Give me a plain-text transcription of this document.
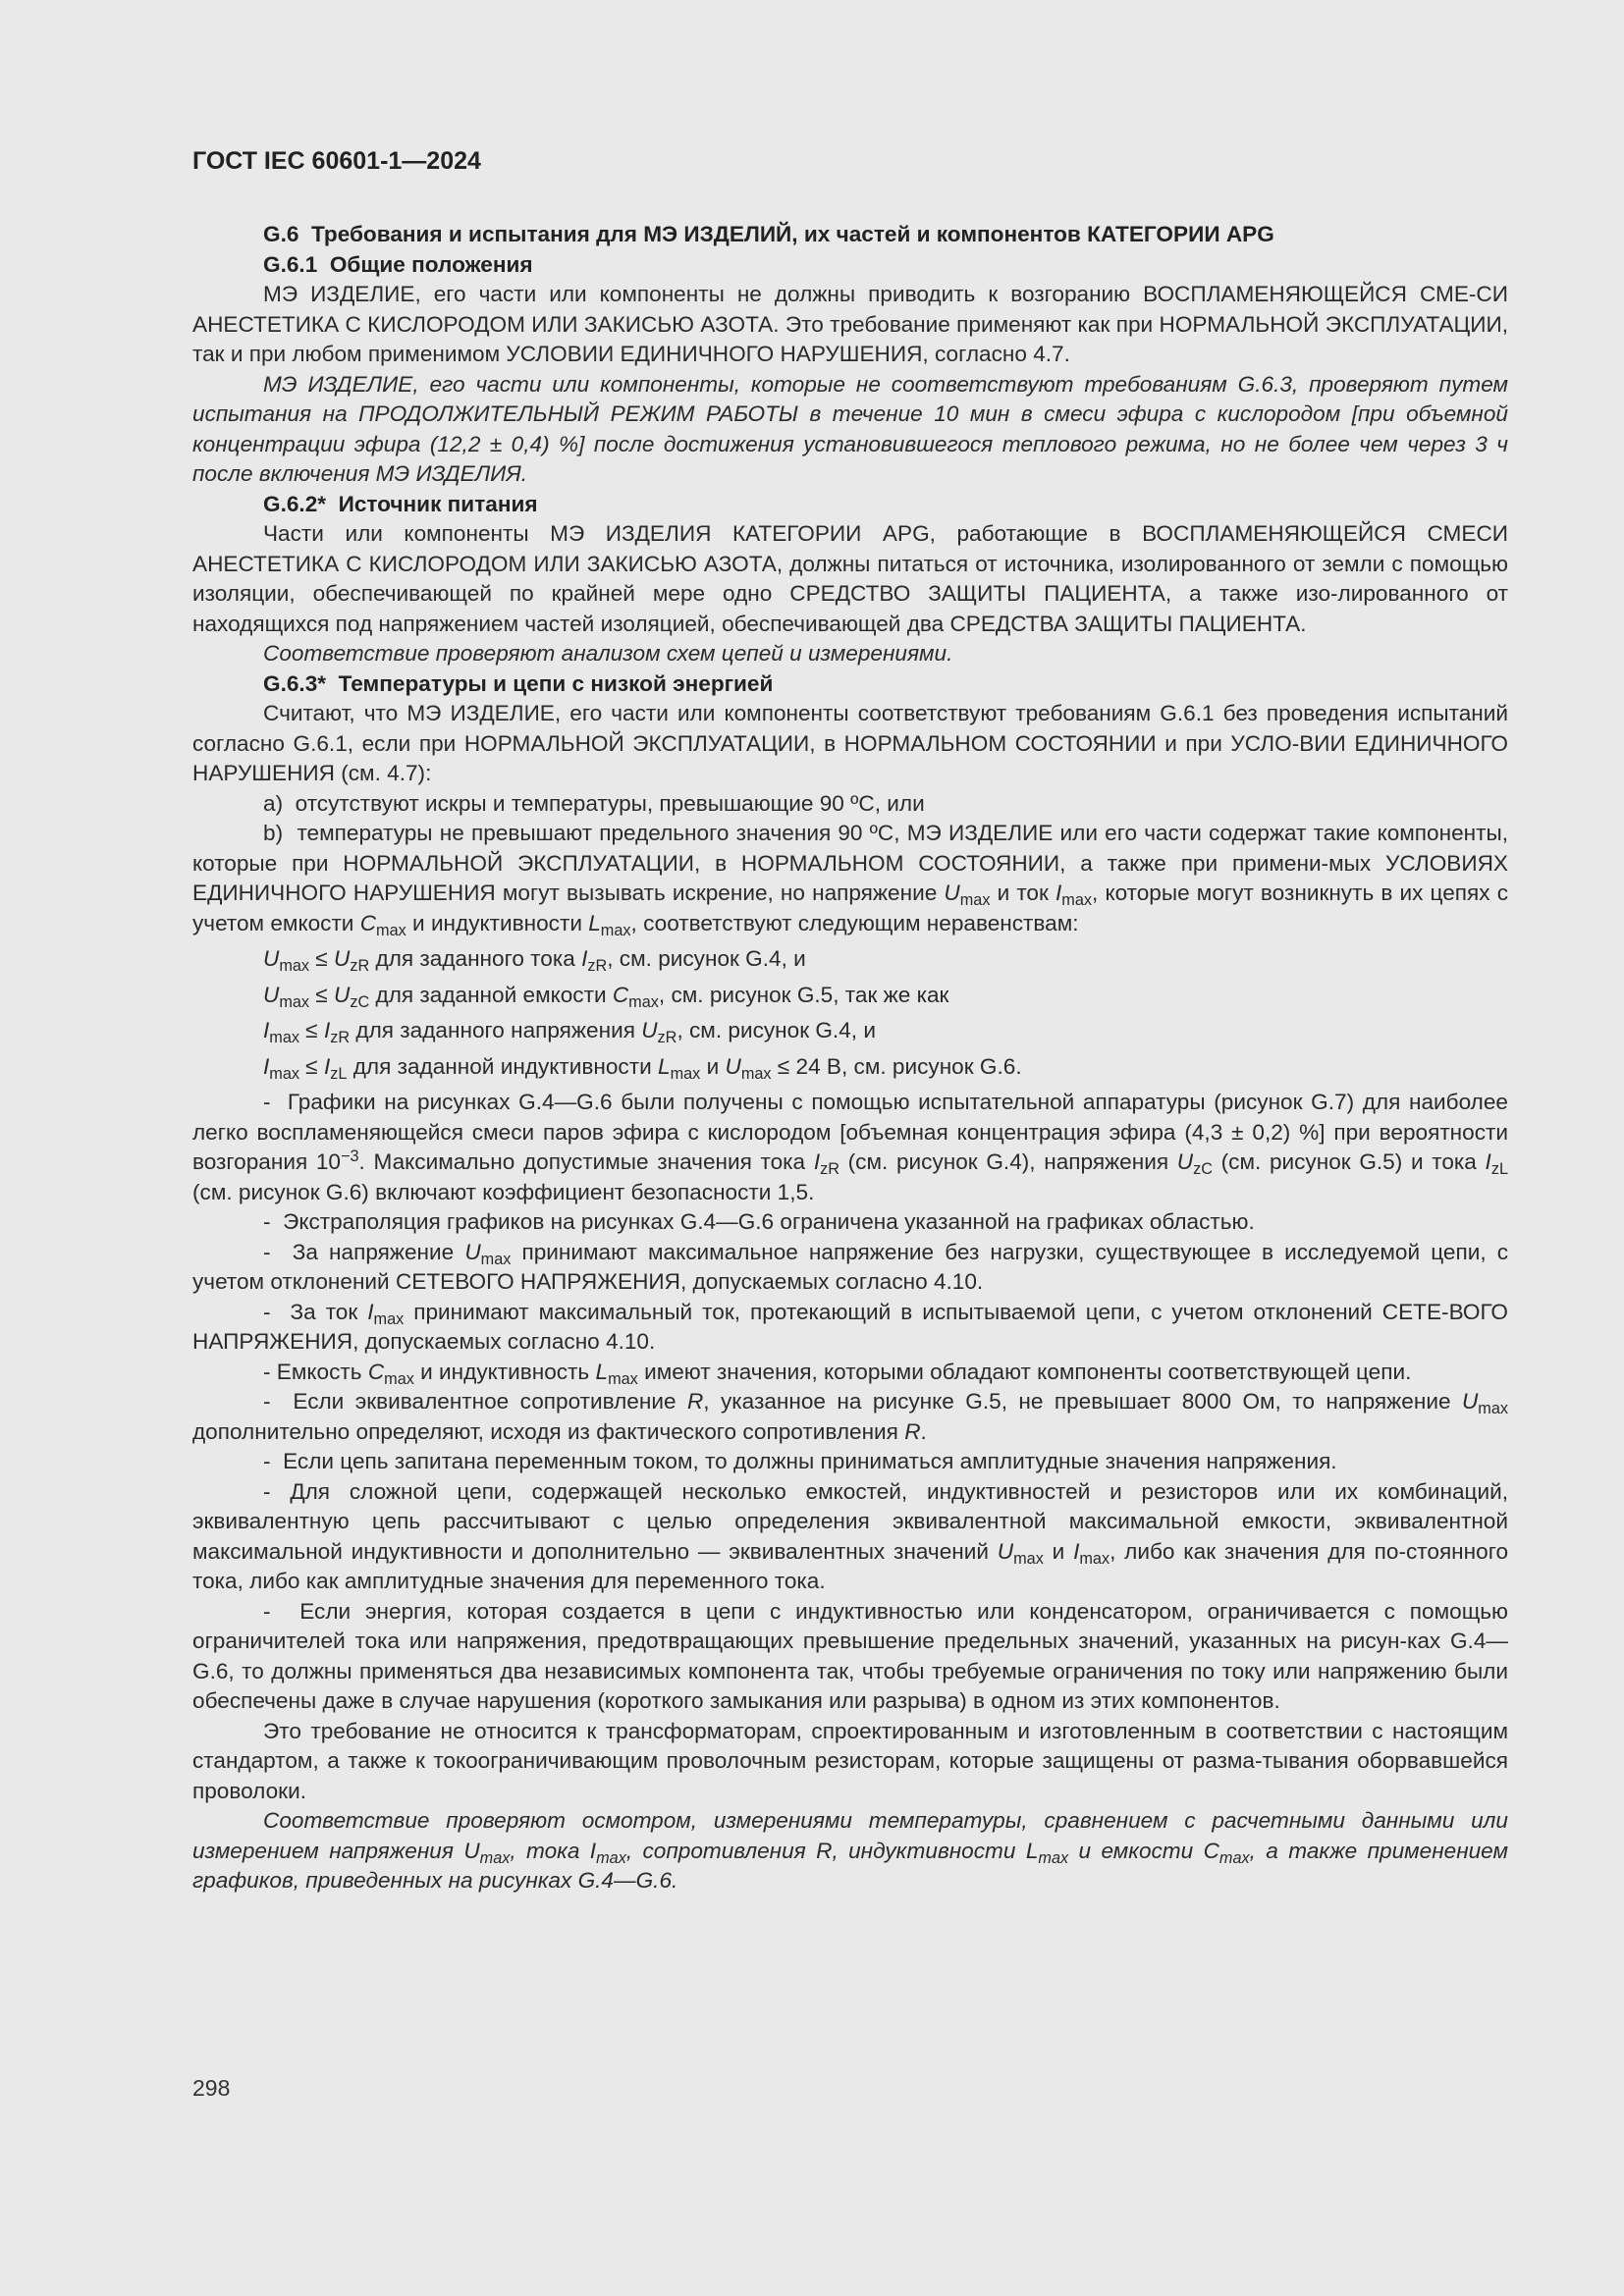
ГОСТ IEC 60601-1—2024

G.6  Требования и испытания для МЭ ИЗДЕЛИЙ, их частей и компонентов КАТЕГОРИИ APG

G.6.1  Общие положения

МЭ ИЗДЕЛИЕ, его части или компоненты не должны приводить к возгоранию ВОСПЛАМЕНЯЮЩЕЙСЯ СМЕ-СИ АНЕСТЕТИКА С КИСЛОРОДОМ ИЛИ ЗАКИСЬЮ АЗОТА. Это требование применяют как при НОРМАЛЬНОЙ ЭКСПЛУАТАЦИИ, так и при любом применимом УСЛОВИИ ЕДИНИЧНОГО НАРУШЕНИЯ, согласно 4.7.

МЭ ИЗДЕЛИЕ, его части или компоненты, которые не соответствуют требованиям G.6.3, проверяют путем испытания на ПРОДОЛЖИТЕЛЬНЫЙ РЕЖИМ РАБОТЫ в течение 10 мин в смеси эфира с кислородом [при объемной концентрации эфира (12,2 ± 0,4) %] после достижения установившегося теплового режима, но не более чем через 3 ч после включения МЭ ИЗДЕЛИЯ.

G.6.2*  Источник питания

Части или компоненты МЭ ИЗДЕЛИЯ КАТЕГОРИИ APG, работающие в ВОСПЛАМЕНЯЮЩЕЙСЯ СМЕСИ АНЕСТЕТИКА С КИСЛОРОДОМ ИЛИ ЗАКИСЬЮ АЗОТА, должны питаться от источника, изолированного от земли с помощью изоляции, обеспечивающей по крайней мере одно СРЕДСТВО ЗАЩИТЫ ПАЦИЕНТА, а также изо-лированного от находящихся под напряжением частей изоляцией, обеспечивающей два СРЕДСТВА ЗАЩИТЫ ПАЦИЕНТА.

Соответствие проверяют анализом схем цепей и измерениями.

G.6.3*  Температуры и цепи с низкой энергией

Считают, что МЭ ИЗДЕЛИЕ, его части или компоненты соответствуют требованиям G.6.1 без проведения испытаний согласно G.6.1, если при НОРМАЛЬНОЙ ЭКСПЛУАТАЦИИ, в НОРМАЛЬНОМ СОСТОЯНИИ и при УСЛО-ВИИ ЕДИНИЧНОГО НАРУШЕНИЯ (см. 4.7):

a)  отсутствуют искры и температуры, превышающие 90 ºC, или

b)  температуры не превышают предельного значения 90 ºC, МЭ ИЗДЕЛИЕ или его части содержат такие компоненты, которые при НОРМАЛЬНОЙ ЭКСПЛУАТАЦИИ, в НОРМАЛЬНОМ СОСТОЯНИИ, а также при примени-мых УСЛОВИЯХ ЕДИНИЧНОГО НАРУШЕНИЯ могут вызывать искрение, но напряжение $U_{max}$ и ток $I_{max}$, которые могут возникнуть в их цепях с учетом емкости $C_{max}$ и индуктивности $L_{max}$, соответствуют следующим неравенствам:

$U_{max} \le U_{zR}$ для заданного тока $I_{zR}$, см. рисунок G.4, и

$U_{max} \le U_{zC}$ для заданной емкости $C_{max}$, см. рисунок G.5, так же как

$I_{max} \le I_{zR}$ для заданного напряжения $U_{zR}$, см. рисунок G.4, и

$I_{max} \le I_{zL}$ для заданной индуктивности $L_{max}$ и $U_{max} \le 24$ В, см. рисунок G.6.

-  Графики на рисунках G.4—G.6 были получены с помощью испытательной аппаратуры (рисунок G.7) для наиболее легко воспламеняющейся смеси паров эфира с кислородом [объемная концентрация эфира (4,3 ± 0,2) %] при вероятности возгорания $10^{-3}$. Максимально допустимые значения тока $I_{zR}$ (см. рисунок G.4), напряжения $U_{zC}$ (см. рисунок G.5) и тока $I_{zL}$ (см. рисунок G.6) включают коэффициент безопасности 1,5.

-  Экстраполяция графиков на рисунках G.4—G.6 ограничена указанной на графиках областью.

-  За напряжение $U_{max}$ принимают максимальное напряжение без нагрузки, существующее в исследуемой цепи, с учетом отклонений СЕТЕВОГО НАПРЯЖЕНИЯ, допускаемых согласно 4.10.

-  За ток $I_{max}$ принимают максимальный ток, протекающий в испытываемой цепи, с учетом отклонений СЕТЕ-ВОГО НАПРЯЖЕНИЯ, допускаемых согласно 4.10.

- Емкость $C_{max}$ и индуктивность $L_{max}$ имеют значения, которыми обладают компоненты соответствующей цепи.

-  Если эквивалентное сопротивление R, указанное на рисунке G.5, не превышает 8000 Ом, то напряжение $U_{max}$ дополнительно определяют, исходя из фактического сопротивления R.

-  Если цепь запитана переменным током, то должны приниматься амплитудные значения напряжения.

- Для сложной цепи, содержащей несколько емкостей, индуктивностей и резисторов или их комбинаций, эквивалентную цепь рассчитывают с целью определения эквивалентной максимальной емкости, эквивалентной максимальной индуктивности и дополнительно — эквивалентных значений $U_{max}$ и $I_{max}$, либо как значения для по-стоянного тока, либо как амплитудные значения для переменного тока.

-  Если энергия, которая создается в цепи с индуктивностью или конденсатором, ограничивается с помощью ограничителей тока или напряжения, предотвращающих превышение предельных значений, указанных на рисун-ках G.4—G.6, то должны применяться два независимых компонента так, чтобы требуемые ограничения по току или напряжению были обеспечены даже в случае нарушения (короткого замыкания или разрыва) в одном из этих компонентов.

Это требование не относится к трансформаторам, спроектированным и изготовленным в соответствии с настоящим стандартом, а также к токоограничивающим проволочным резисторам, которые защищены от разма-тывания оборвавшейся проволоки.

Соответствие проверяют осмотром, измерениями температуры, сравнением с расчетными данными или измерением напряжения $U_{max}$, тока $I_{max}$, сопротивления R, индуктивности $L_{max}$ и емкости $C_{max}$, а также применением графиков, приведенных на рисунках G.4—G.6.

298
